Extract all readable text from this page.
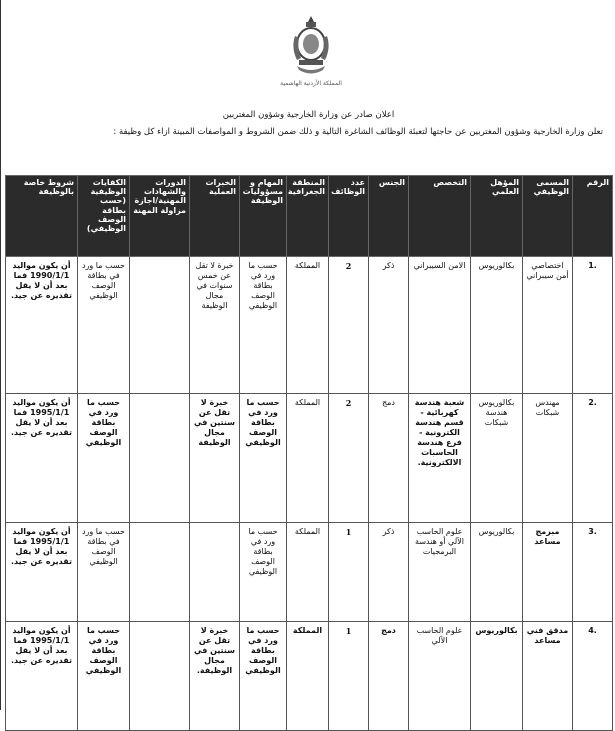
المملكة الأردنية الهاشمية
اعلان صادر عن وزارة الخارجية وشؤون المغتربين
تعلن وزارة الخارجية وشؤون المغتربين عن حاجتها لتعبئة الوظائف الشاغرة التالية و ذلك ضمن الشروط و المواصفات المبينة ازاء كل وظيفة :
الرقم	المسمى الوظيفي	المؤهل العلمي	التخصص	الجنس	عدد الوظائف	المنطقة الجغرافية	المهام و مسؤوليات الوظيفة	الخبرات العملية	الدورات والشهادات المهنية/اجازة مزاولة المهنة	الكفايات الوظيفية (حسب بطاقة الوصف الوظيفي)	شروط خاصة بالوظيفة
.1	اختصاصي أمن سيبراني	بكالوريوس	الامن السيبراني	ذكر	2	المملكة	حسب ما ورد في بطاقة الوصف الوظيفي	خبرة لا تقل عن خمس سنوات في مجال الوظيفة		حسب ما ورد في بطاقة الوصف الوظيفي	أن يكون مواليد 1990/1/1 فما بعد أن لا يقل تقديره عن جيد.
.2	مهندس شبكات	بكالوريوس هندسة شبكات	شعبة هندسة كهربائية - قسم هندسة الكترونية - فرع هندسة الحاسبات الالكترونية.	دمج	2	المملكة	حسب ما ورد في بطاقة الوصف الوظيفي	خبرة لا تقل عن سنتين في مجال الوظيفة		حسب ما ورد في بطاقة الوصف الوظيفي	أن يكون مواليد 1995/1/1 فما بعد أن لا يقل تقديره عن جيد.
.3	مبرمج مساعد	بكالوريوس	علوم الحاسب الآلي أو هندسة البرمجيات	ذكر	1	المملكة	حسب ما ورد في بطاقة الوصف الوظيفي			حسب ما ورد في بطاقة الوصف الوظيفي	أن يكون مواليد 1995/1/1 فما بعد أن لا يقل تقديره عن جيد.
.4	مدقق فني مساعد	بكالوريوس	علوم الحاسب الآلي	دمج	1	المملكة	حسب ما ورد في بطاقة الوصف الوظيفي	خبرة لا تقل عن سنتين في مجال الوظيفة.		حسب ما ورد في بطاقة الوصف الوظيفي	أن يكون مواليد 1995/1/1 فما بعد أن لا يقل تقديره عن جيد.
